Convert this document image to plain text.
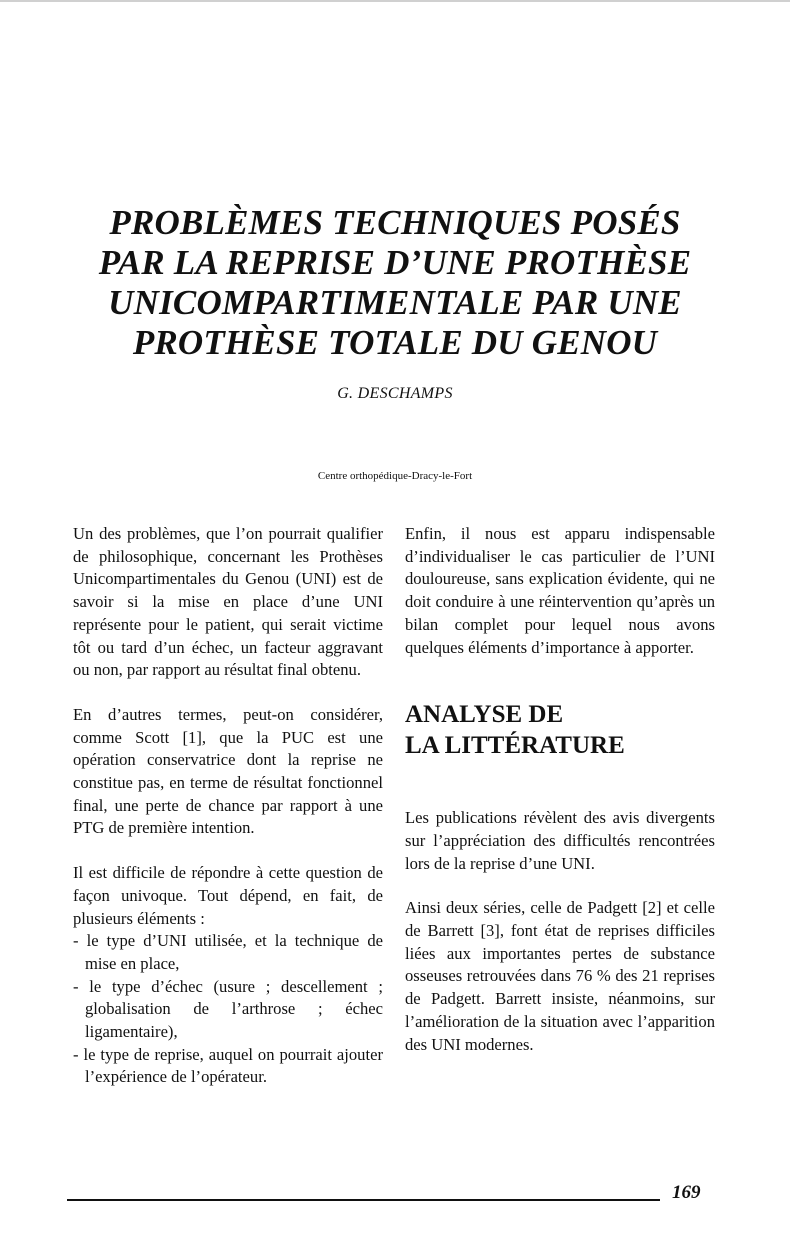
PROBLÈMES TECHNIQUES POSÉS
PAR LA REPRISE D’UNE PROTHÈSE
UNICOMPARTIMENTALE PAR UNE
PROTHÈSE TOTALE DU GENOU
G. DESCHAMPS
Centre orthopédique-Dracy-le-Fort

Un des problèmes, que l’on pourrait qualifier de philosophique, concernant les Prothèses Unicompartimentales du Genou (UNI) est de savoir si la mise en place d’une UNI représente pour le patient, qui serait victime tôt ou tard d’un échec, un facteur aggravant ou non, par rapport au résultat final obtenu.

En d’autres termes, peut-on considérer, comme Scott [1], que la PUC est une opération conservatrice dont la reprise ne constitue pas, en terme de résultat fonctionnel final, une perte de chance par rapport à une PTG de première intention.

Il est difficile de répondre à cette question de façon univoque. Tout dépend, en fait, de plusieurs éléments :

- le type d’UNI utilisée, et la technique de mise en place,
- le type d’échec (usure ; descellement ; globalisation de l’arthrose ; échec ligamentaire),
- le type de reprise, auquel on pourrait ajouter l’expérience de l’opérateur.

Enfin, il nous est apparu indispensable d’individualiser le cas particulier de l’UNI douloureuse, sans explication évidente, qui ne doit conduire à une réintervention qu’après un bilan complet pour lequel nous avons quelques éléments d’importance à apporter.

ANALYSE DE
LA LITTÉRATURE

Les publications révèlent des avis divergents sur l’appréciation des difficultés rencontrées lors de la reprise d’une UNI.

Ainsi deux séries, celle de Padgett [2] et celle de Barrett [3], font état de reprises difficiles liées aux importantes pertes de substance osseuses retrouvées dans 76 % des 21 reprises de Padgett. Barrett insiste, néanmoins, sur l’amélioration de la situation avec l’apparition des UNI modernes.

169
